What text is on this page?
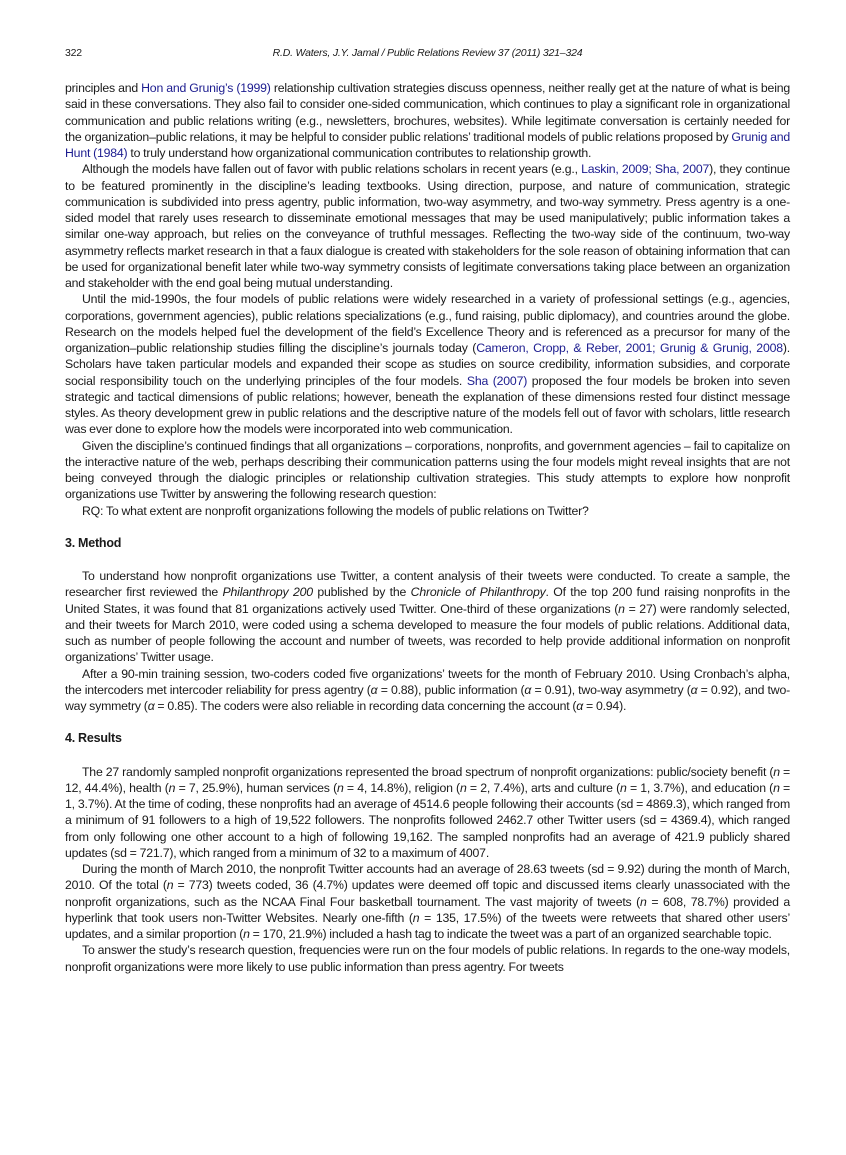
322	R.D. Waters, J.Y. Jamal / Public Relations Review 37 (2011) 321–324

principles and Hon and Grunig’s (1999) relationship cultivation strategies discuss openness, neither really get at the nature of what is being said in these conversations. They also fail to consider one-sided communication, which continues to play a significant role in organizational communication and public relations writing (e.g., newsletters, brochures, websites). While legitimate conversation is certainly needed for the organization–public relations, it may be helpful to consider public relations’ traditional models of public relations proposed by Grunig and Hunt (1984) to truly understand how organizational communication contributes to relationship growth.

Although the models have fallen out of favor with public relations scholars in recent years (e.g., Laskin, 2009; Sha, 2007), they continue to be featured prominently in the discipline’s leading textbooks. Using direction, purpose, and nature of communication, strategic communication is subdivided into press agentry, public information, two-way asymmetry, and two-way symmetry. Press agentry is a one-sided model that rarely uses research to disseminate emotional messages that may be used manipulatively; public information takes a similar one-way approach, but relies on the conveyance of truthful messages. Reflecting the two-way side of the continuum, two-way asymmetry reflects market research in that a faux dialogue is created with stakeholders for the sole reason of obtaining information that can be used for organizational benefit later while two-way symmetry consists of legitimate conversations taking place between an organization and stakeholder with the end goal being mutual understanding.

Until the mid-1990s, the four models of public relations were widely researched in a variety of professional settings (e.g., agencies, corporations, government agencies), public relations specializations (e.g., fund raising, public diplomacy), and countries around the globe. Research on the models helped fuel the development of the field’s Excellence Theory and is referenced as a precursor for many of the organization–public relationship studies filling the discipline’s journals today (Cameron, Cropp, & Reber, 2001; Grunig & Grunig, 2008). Scholars have taken particular models and expanded their scope as studies on source credibility, information subsidies, and corporate social responsibility touch on the underlying principles of the four models. Sha (2007) proposed the four models be broken into seven strategic and tactical dimensions of public relations; however, beneath the explanation of these dimensions rested four distinct message styles. As theory development grew in public relations and the descriptive nature of the models fell out of favor with scholars, little research was ever done to explore how the models were incorporated into web communication.

Given the discipline’s continued findings that all organizations – corporations, nonprofits, and government agencies – fail to capitalize on the interactive nature of the web, perhaps describing their communication patterns using the four models might reveal insights that are not being conveyed through the dialogic principles or relationship cultivation strategies. This study attempts to explore how nonprofit organizations use Twitter by answering the following research question:

RQ: To what extent are nonprofit organizations following the models of public relations on Twitter?

3. Method

To understand how nonprofit organizations use Twitter, a content analysis of their tweets were conducted. To create a sample, the researcher first reviewed the Philanthropy 200 published by the Chronicle of Philanthropy. Of the top 200 fund raising nonprofits in the United States, it was found that 81 organizations actively used Twitter. One-third of these organizations (n = 27) were randomly selected, and their tweets for March 2010, were coded using a schema developed to measure the four models of public relations. Additional data, such as number of people following the account and number of tweets, was recorded to help provide additional information on nonprofit organizations’ Twitter usage.

After a 90-min training session, two-coders coded five organizations’ tweets for the month of February 2010. Using Cronbach’s alpha, the intercoders met intercoder reliability for press agentry (α = 0.88), public information (α = 0.91), two-way asymmetry (α = 0.92), and two-way symmetry (α = 0.85). The coders were also reliable in recording data concerning the account (α = 0.94).

4. Results

The 27 randomly sampled nonprofit organizations represented the broad spectrum of nonprofit organizations: public/society benefit (n = 12, 44.4%), health (n = 7, 25.9%), human services (n = 4, 14.8%), religion (n = 2, 7.4%), arts and culture (n = 1, 3.7%), and education (n = 1, 3.7%). At the time of coding, these nonprofits had an average of 4514.6 people following their accounts (sd = 4869.3), which ranged from a minimum of 91 followers to a high of 19,522 followers. The nonprofits followed 2462.7 other Twitter users (sd = 4369.4), which ranged from only following one other account to a high of following 19,162. The sampled nonprofits had an average of 421.9 publicly shared updates (sd = 721.7), which ranged from a minimum of 32 to a maximum of 4007.

During the month of March 2010, the nonprofit Twitter accounts had an average of 28.63 tweets (sd = 9.92) during the month of March, 2010. Of the total (n = 773) tweets coded, 36 (4.7%) updates were deemed off topic and discussed items clearly unassociated with the nonprofit organizations, such as the NCAA Final Four basketball tournament. The vast majority of tweets (n = 608, 78.7%) provided a hyperlink that took users non-Twitter Websites. Nearly one-fifth (n = 135, 17.5%) of the tweets were retweets that shared other users’ updates, and a similar proportion (n = 170, 21.9%) included a hash tag to indicate the tweet was a part of an organized searchable topic.

To answer the study’s research question, frequencies were run on the four models of public relations. In regards to the one-way models, nonprofit organizations were more likely to use public information than press agentry. For tweets
